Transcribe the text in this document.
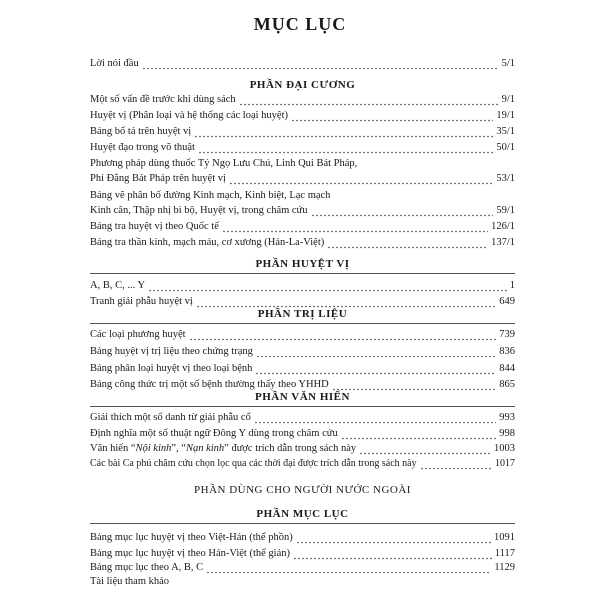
MỤC LỤC
Lời nói đầu	5/1
PHẦN ĐẠI CƯƠNG
Một số vấn đề trước khi dùng sách	9/1
Huyệt vị (Phân loại và hệ thống các loại huyệt)	19/1
Bảng bổ tả trên huyệt vị	35/1
Huyệt đạo trong võ thuật	50/1
Phương pháp dùng thuốc Tý Ngọ Lưu Chú, Linh Qui Bát Pháp,
Phi Đằng Bát Pháp trên huyệt vị	53/1
Bảng vẽ phân bố đường Kinh mạch, Kinh biệt, Lạc mạch
Kinh cân, Thập nhị bì bộ, Huyệt vị, trong châm cứu	59/1
Bảng tra huyệt vị theo Quốc tế	126/1
Bảng tra thần kinh, mạch máu, cơ xương (Hán-La-Việt)	137/1
PHẦN HUYỆT VỊ
A, B, C, ... Y	1
Tranh giải phẫu huyệt vị	649
PHẦN TRỊ LIỆU
Các loại phương huyệt	739
Bảng huyệt vị trị liệu theo chứng trạng	836
Bảng phân loại huyệt vị theo loại bệnh	844
Bảng công thức trị một số bệnh thường thấy theo YHHD	865
PHẦN VĂN HIẾN
Giải thích một số danh từ giải phẫu cổ	993
Định nghĩa một số thuật ngữ Đông Y dùng trong châm cứu	998
Văn hiến “Nội kinh”, “Nạn kinh” được trích dẫn trong sách này	1003
Các bài Ca phú châm cứu chọn lọc qua các thời đại được trích dẫn trong sách này	1017
PHẦN DÙNG CHO NGƯỜI NƯỚC NGOÀI
PHẦN MỤC LỤC
Bảng mục lục huyệt vị theo Việt-Hán (thể phồn)	1091
Bảng mục lục huyệt vị theo Hán-Việt (thể giản)	1117
Bảng mục lục theo A, B, C	1129
Tài liệu tham khảo
